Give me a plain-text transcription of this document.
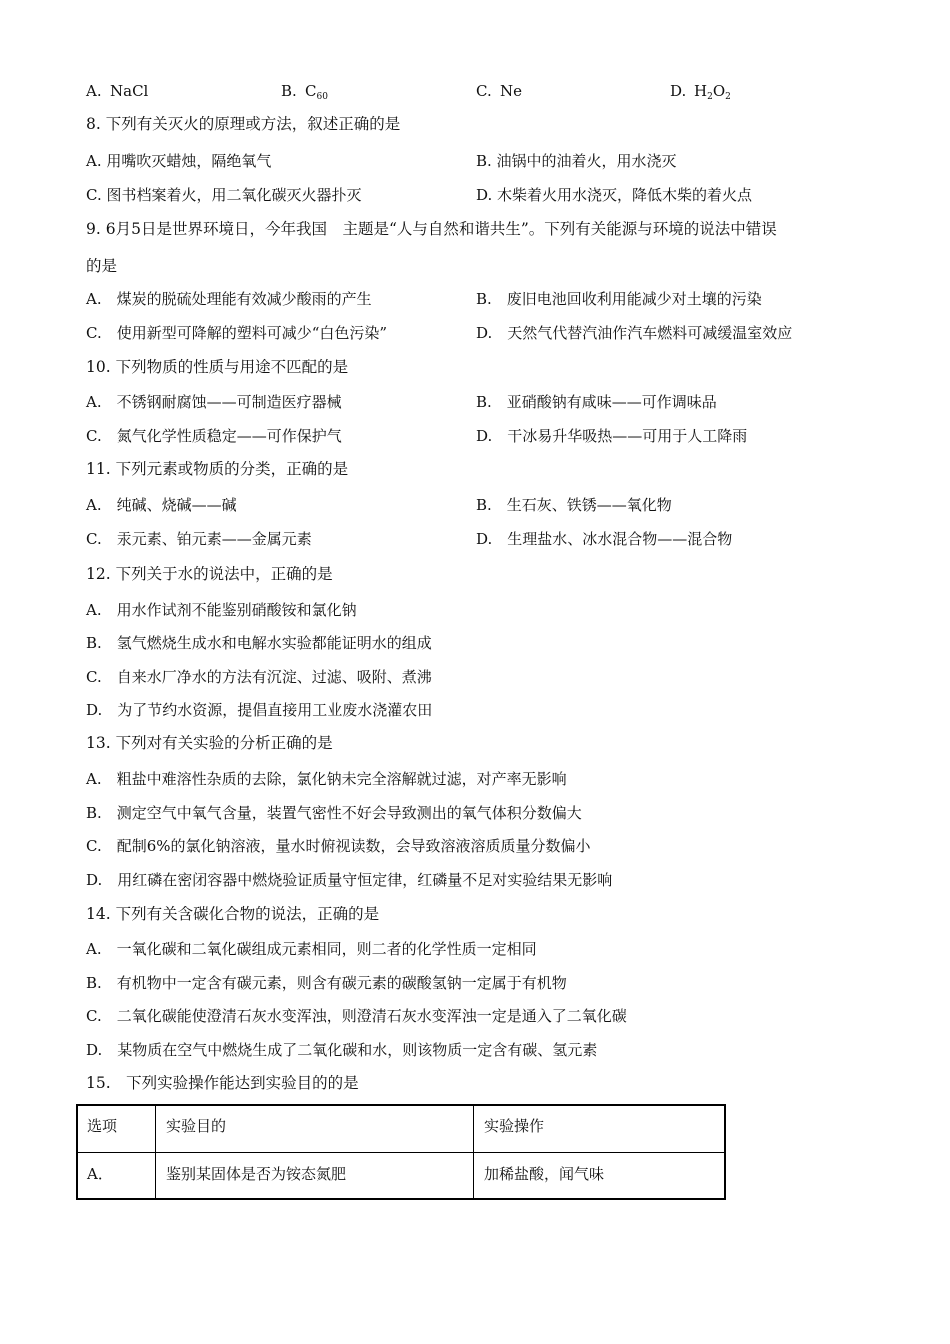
A. NaCl	B. $C_{60}$	C. Ne	D. $H_2O_2$
8. 下列有关灭火的原理或方法，叙述正确的是
A. 用嘴吹灭蜡烛，隔绝氧气	B. 油锅中的油着火，用水浇灭
C. 图书档案着火，用二氧化碳灭火器扑灭	D. 木柴着火用水浇灭，降低木柴的着火点
9. 6月5日是世界环境日，今年我国　主题是“人与自然和谐共生”。下列有关能源与环境的说法中错误
的是
A.　煤炭的脱硫处理能有效减少酸雨的产生	B.　废旧电池回收利用能减少对土壤的污染
C.　使用新型可降解的塑料可减少“白色污染”	D.　天然气代替汽油作汽车燃料可减缓温室效应
10. 下列物质的性质与用途不匹配的是
A.　不锈钢耐腐蚀——可制造医疗器械	B.　亚硝酸钠有咸味——可作调味品
C.　氮气化学性质稳定——可作保护气	D.　干冰易升华吸热——可用于人工降雨
11. 下列元素或物质的分类，正确的是
A.　纯碱、烧碱——碱	B.　生石灰、铁锈——氧化物
C.　汞元素、铂元素——金属元素	D.　生理盐水、冰水混合物——混合物
12. 下列关于水的说法中，正确的是
A.　用水作试剂不能鉴别硝酸铵和氯化钠
B.　氢气燃烧生成水和电解水实验都能证明水的组成
C.　自来水厂净水的方法有沉淀、过滤、吸附、煮沸
D.　为了节约水资源，提倡直接用工业废水浇灌农田
13. 下列对有关实验的分析正确的是
A.　粗盐中难溶性杂质的去除，氯化钠未完全溶解就过滤，对产率无影响
B.　测定空气中氧气含量，装置气密性不好会导致测出的氧气体积分数偏大
C.　配制6%的氯化钠溶液，量水时俯视读数，会导致溶液溶质质量分数偏小
D.　用红磷在密闭容器中燃烧验证质量守恒定律，红磷量不足对实验结果无影响
14. 下列有关含碳化合物的说法，正确的是
A.　一氧化碳和二氧化碳组成元素相同，则二者的化学性质一定相同
B.　有机物中一定含有碳元素，则含有碳元素的碳酸氢钠一定属于有机物
C.　二氧化碳能使澄清石灰水变浑浊，则澄清石灰水变浑浊一定是通入了二氧化碳
D.　某物质在空气中燃烧生成了二氧化碳和水，则该物质一定含有碳、氢元素
15.　下列实验操作能达到实验目的的是
选项	实验目的	实验操作
A．	鉴别某固体是否为铵态氮肥	加稀盐酸，闻气味
